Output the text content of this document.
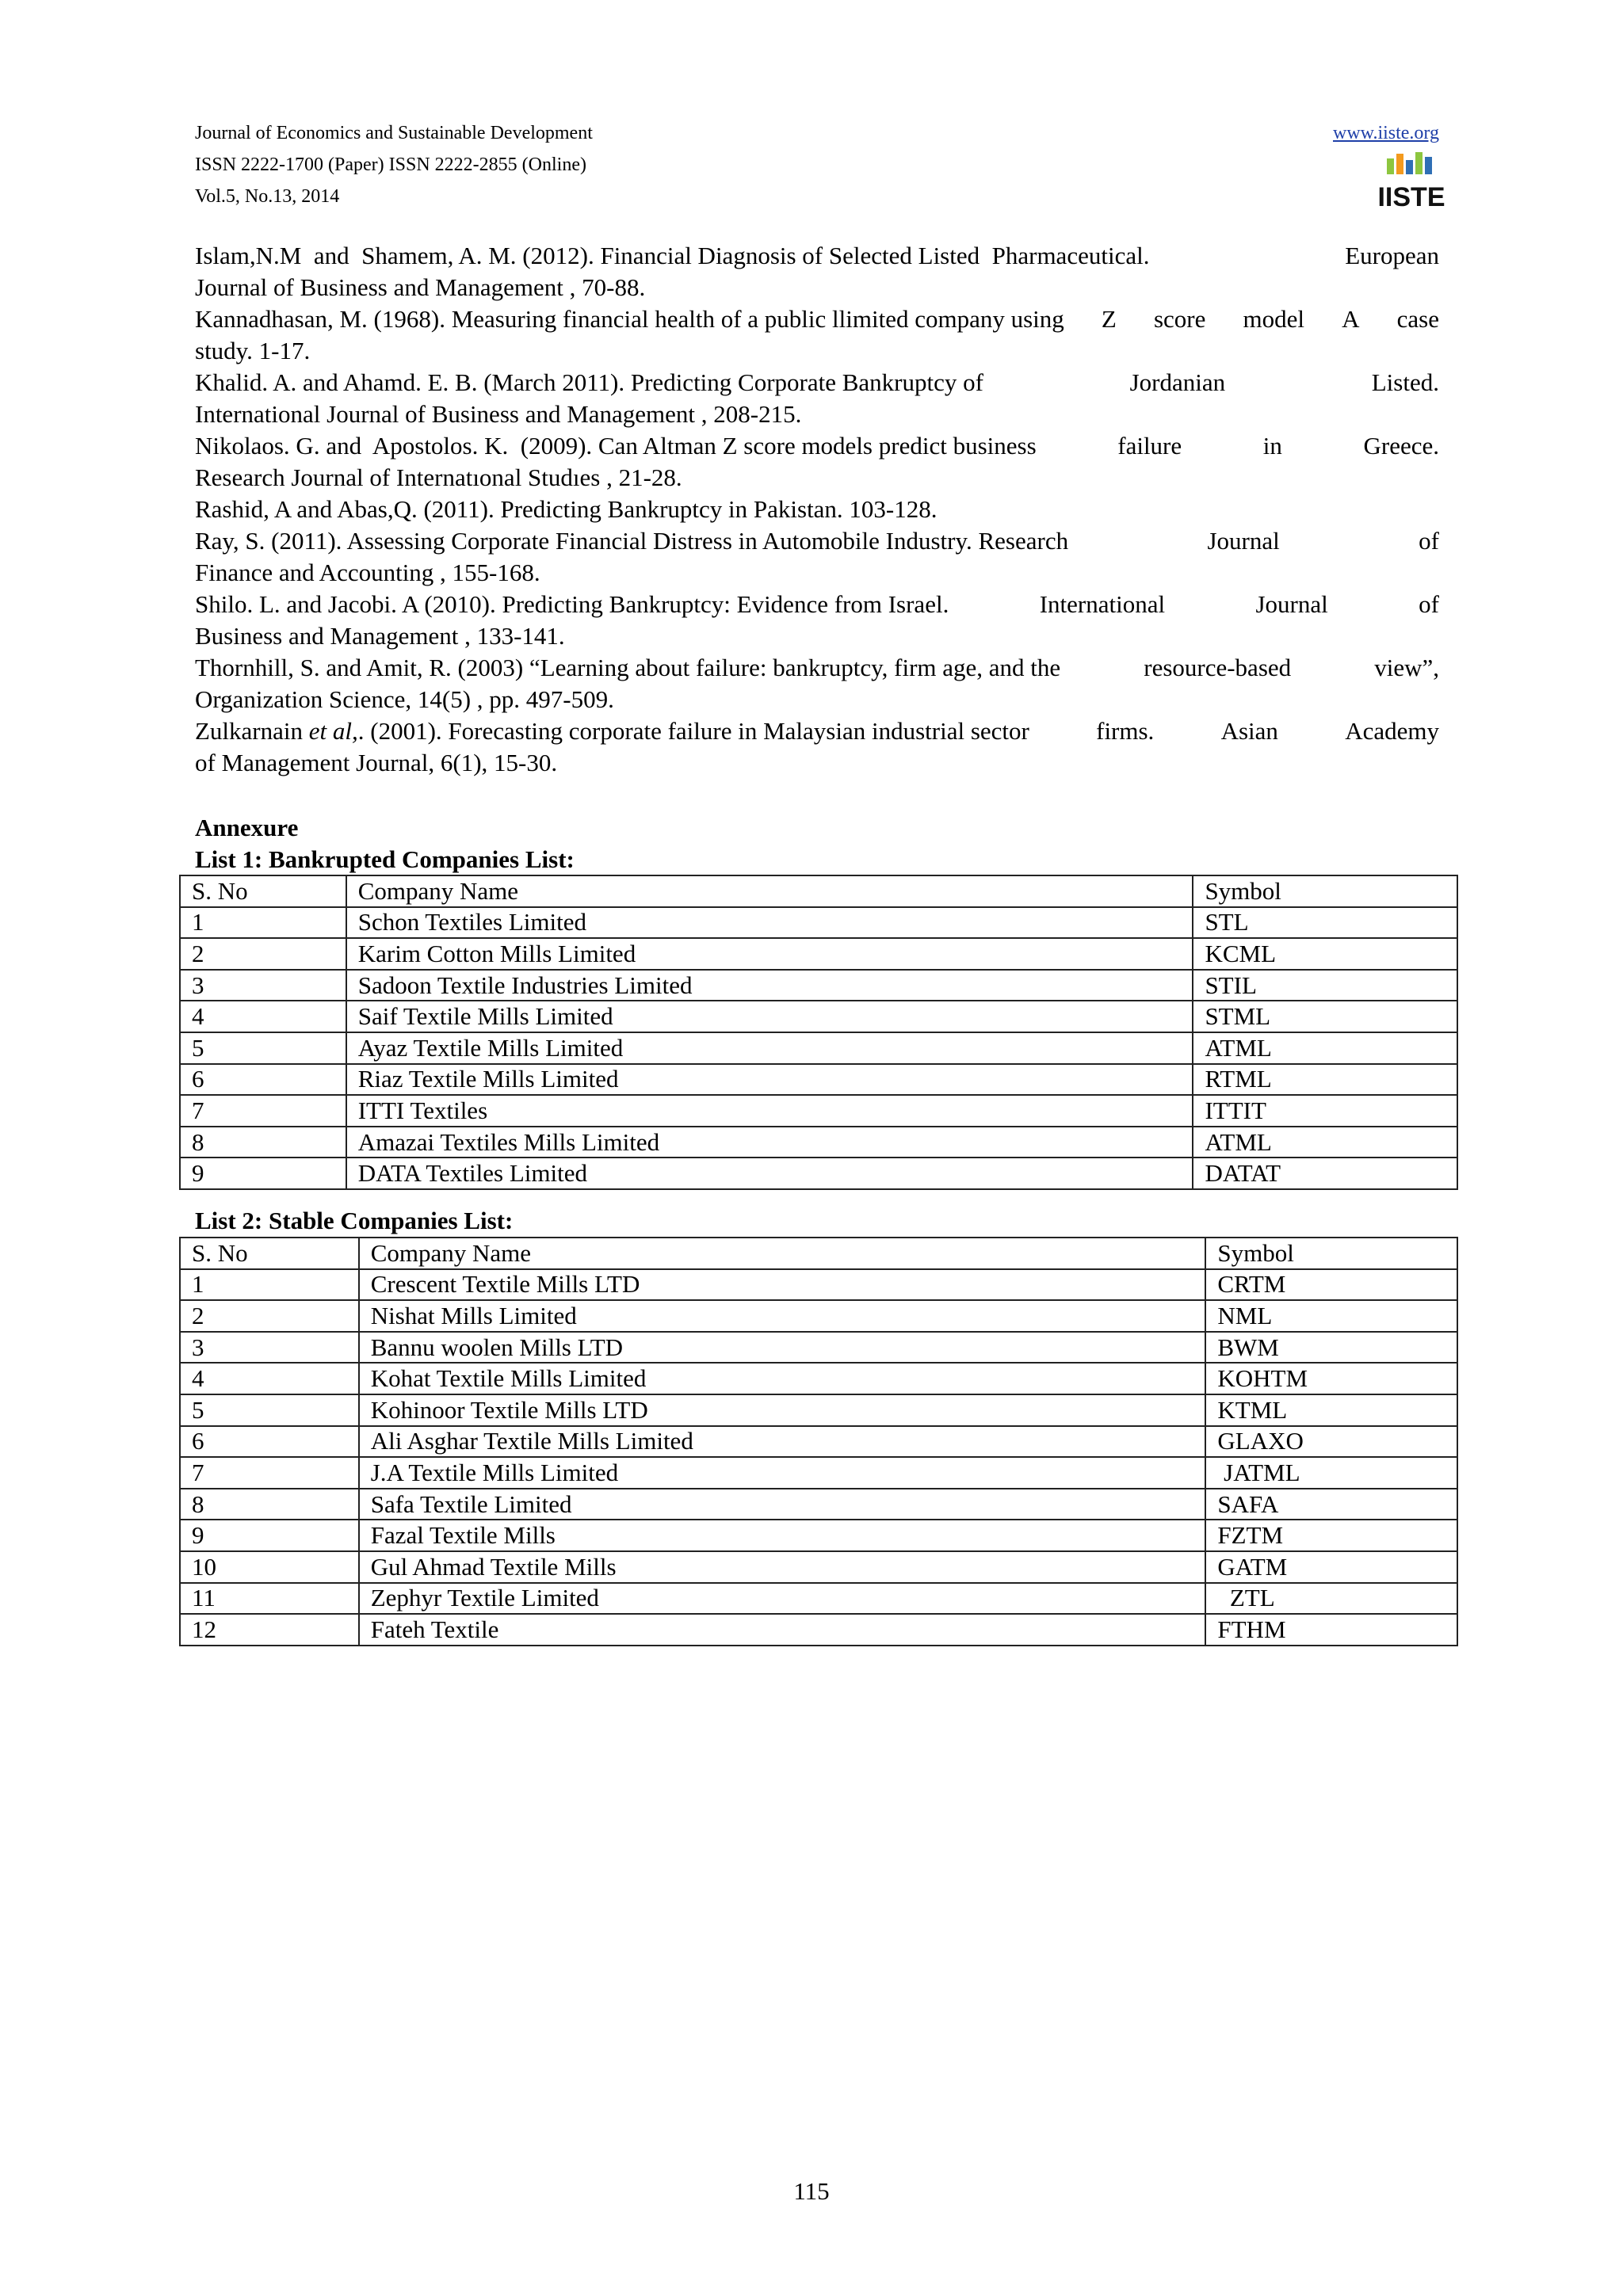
Journal of Economics and Sustainable Development
ISSN 2222-1700 (Paper) ISSN 2222-2855 (Online)
Vol.5, No.13, 2014
www.iiste.org
IISTE
Islam,N.M  and  Shamem, A. M. (2012). Financial Diagnosis of Selected Listed  Pharmaceutical.	European
Journal of Business and Management , 70-88.
Kannadhasan, M. (1968). Measuring financial health of a public llimited company using Z score model A case
study. 1-17.
Khalid. A. and Ahamd. E. B. (March 2011). Predicting Corporate Bankruptcy of	Jordanian	Listed.
International Journal of Business and Management , 208-215.
Nikolaos. G. and  Apostolos. K.  (2009). Can Altman Z score models predict business	failure	in	Greece.
Research Journal of Internatıonal Studıes , 21-28.
Rashid, A and Abas,Q. (2011). Predicting Bankruptcy in Pakistan. 103-128.
Ray, S. (2011). Assessing Corporate Financial Distress in Automobile Industry. Research	Journal	of
Finance and Accounting , 155-168.
Shilo. L. and Jacobi. A (2010). Predicting Bankruptcy: Evidence from Israel.	International	Journal	of
Business and Management , 133-141.
Thornhill, S. and Amit, R. (2003) “Learning about failure: bankruptcy, firm age, and the	resource-based	view”,
Organization Science, 14(5) , pp. 497-509.
Zulkarnain et al,. (2001). Forecasting corporate failure in Malaysian industrial sector	firms.	Asian	Academy
of Management Journal, 6(1), 15-30.
Annexure
List 1: Bankrupted Companies List:
S. No	Company Name	Symbol
1	Schon Textiles Limited	STL
2	Karim Cotton Mills Limited	KCML
3	Sadoon Textile Industries Limited	STIL
4	Saif Textile Mills Limited	STML
5	Ayaz Textile Mills Limited	ATML
6	Riaz Textile Mills Limited	RTML
7	ITTI Textiles	ITTIT
8	Amazai Textiles Mills Limited	ATML
9	DATA Textiles Limited	DATAT
List 2: Stable Companies List:
S. No	Company Name	Symbol
1	Crescent Textile Mills LTD	CRTM
2	Nishat Mills Limited	NML
3	Bannu woolen Mills LTD	BWM
4	Kohat Textile Mills Limited	KOHTM
5	Kohinoor Textile Mills LTD	KTML
6	Ali Asghar Textile Mills Limited	GLAXO
7	J.A Textile Mills Limited	JATML
8	Safa Textile Limited	SAFA
9	Fazal Textile Mills	FZTM
10	Gul Ahmad Textile Mills	GATM
11	Zephyr Textile Limited	ZTL
12	Fateh Textile	FTHM
115
